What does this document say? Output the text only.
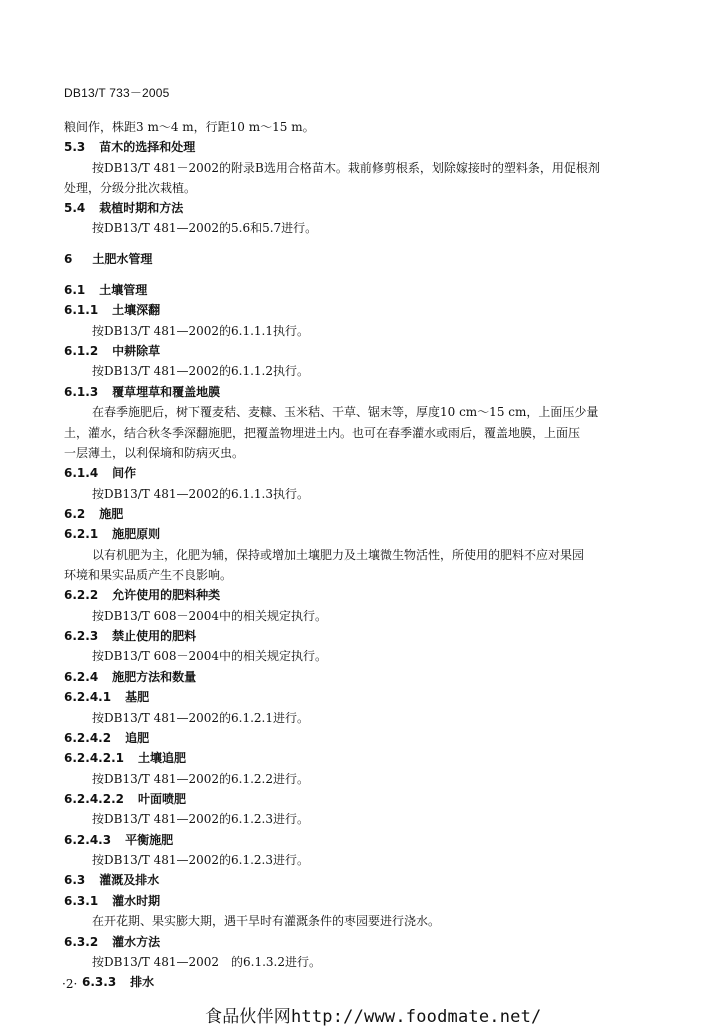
DB13/T 733－2005
粮间作，株距3 m～4 m，行距10 m～15 m。
5.3 苗木的选择和处理
按DB13/T 481－2002的附录B选用合格苗木。栽前修剪根系，划除嫁接时的塑料条，用促根剂
处理，分级分批次栽植。
5.4 栽植时期和方法
按DB13/T 481—2002的5.6和5.7进行。
6 土肥水管理
6.1 土壤管理
6.1.1 土壤深翻
按DB13/T 481—2002的6.1.1.1执行。
6.1.2 中耕除草
按DB13/T 481—2002的6.1.1.2执行。
6.1.3 覆草埋草和覆盖地膜
在春季施肥后，树下覆麦秸、麦糠、玉米秸、干草、锯末等，厚度10 cm～15 cm，上面压少量
土，灌水，结合秋冬季深翻施肥，把覆盖物埋进土内。也可在春季灌水或雨后，覆盖地膜，上面压
一层薄土，以利保墒和防病灭虫。
6.1.4 间作
按DB13/T 481—2002的6.1.1.3执行。
6.2 施肥
6.2.1 施肥原则
以有机肥为主，化肥为辅，保持或增加土壤肥力及土壤微生物活性，所使用的肥料不应对果园
环境和果实品质产生不良影响。
6.2.2 允许使用的肥料种类
按DB13/T 608－2004中的相关规定执行。
6.2.3 禁止使用的肥料
按DB13/T 608－2004中的相关规定执行。
6.2.4 施肥方法和数量
6.2.4.1 基肥
按DB13/T 481—2002的6.1.2.1进行。
6.2.4.2 追肥
6.2.4.2.1 土壤追肥
按DB13/T 481—2002的6.1.2.2进行。
6.2.4.2.2 叶面喷肥
按DB13/T 481—2002的6.1.2.3进行。
6.2.4.3 平衡施肥
按DB13/T 481—2002的6.1.2.3进行。
6.3 灌溉及排水
6.3.1 灌水时期
在开花期、果实膨大期，遇干旱时有灌溉条件的枣园要进行浇水。
6.3.2 灌水方法
按DB13/T 481—2002　的6.1.3.2进行。
6.3.3 排水
·2·
食品伙伴网http://www.foodmate.net/
